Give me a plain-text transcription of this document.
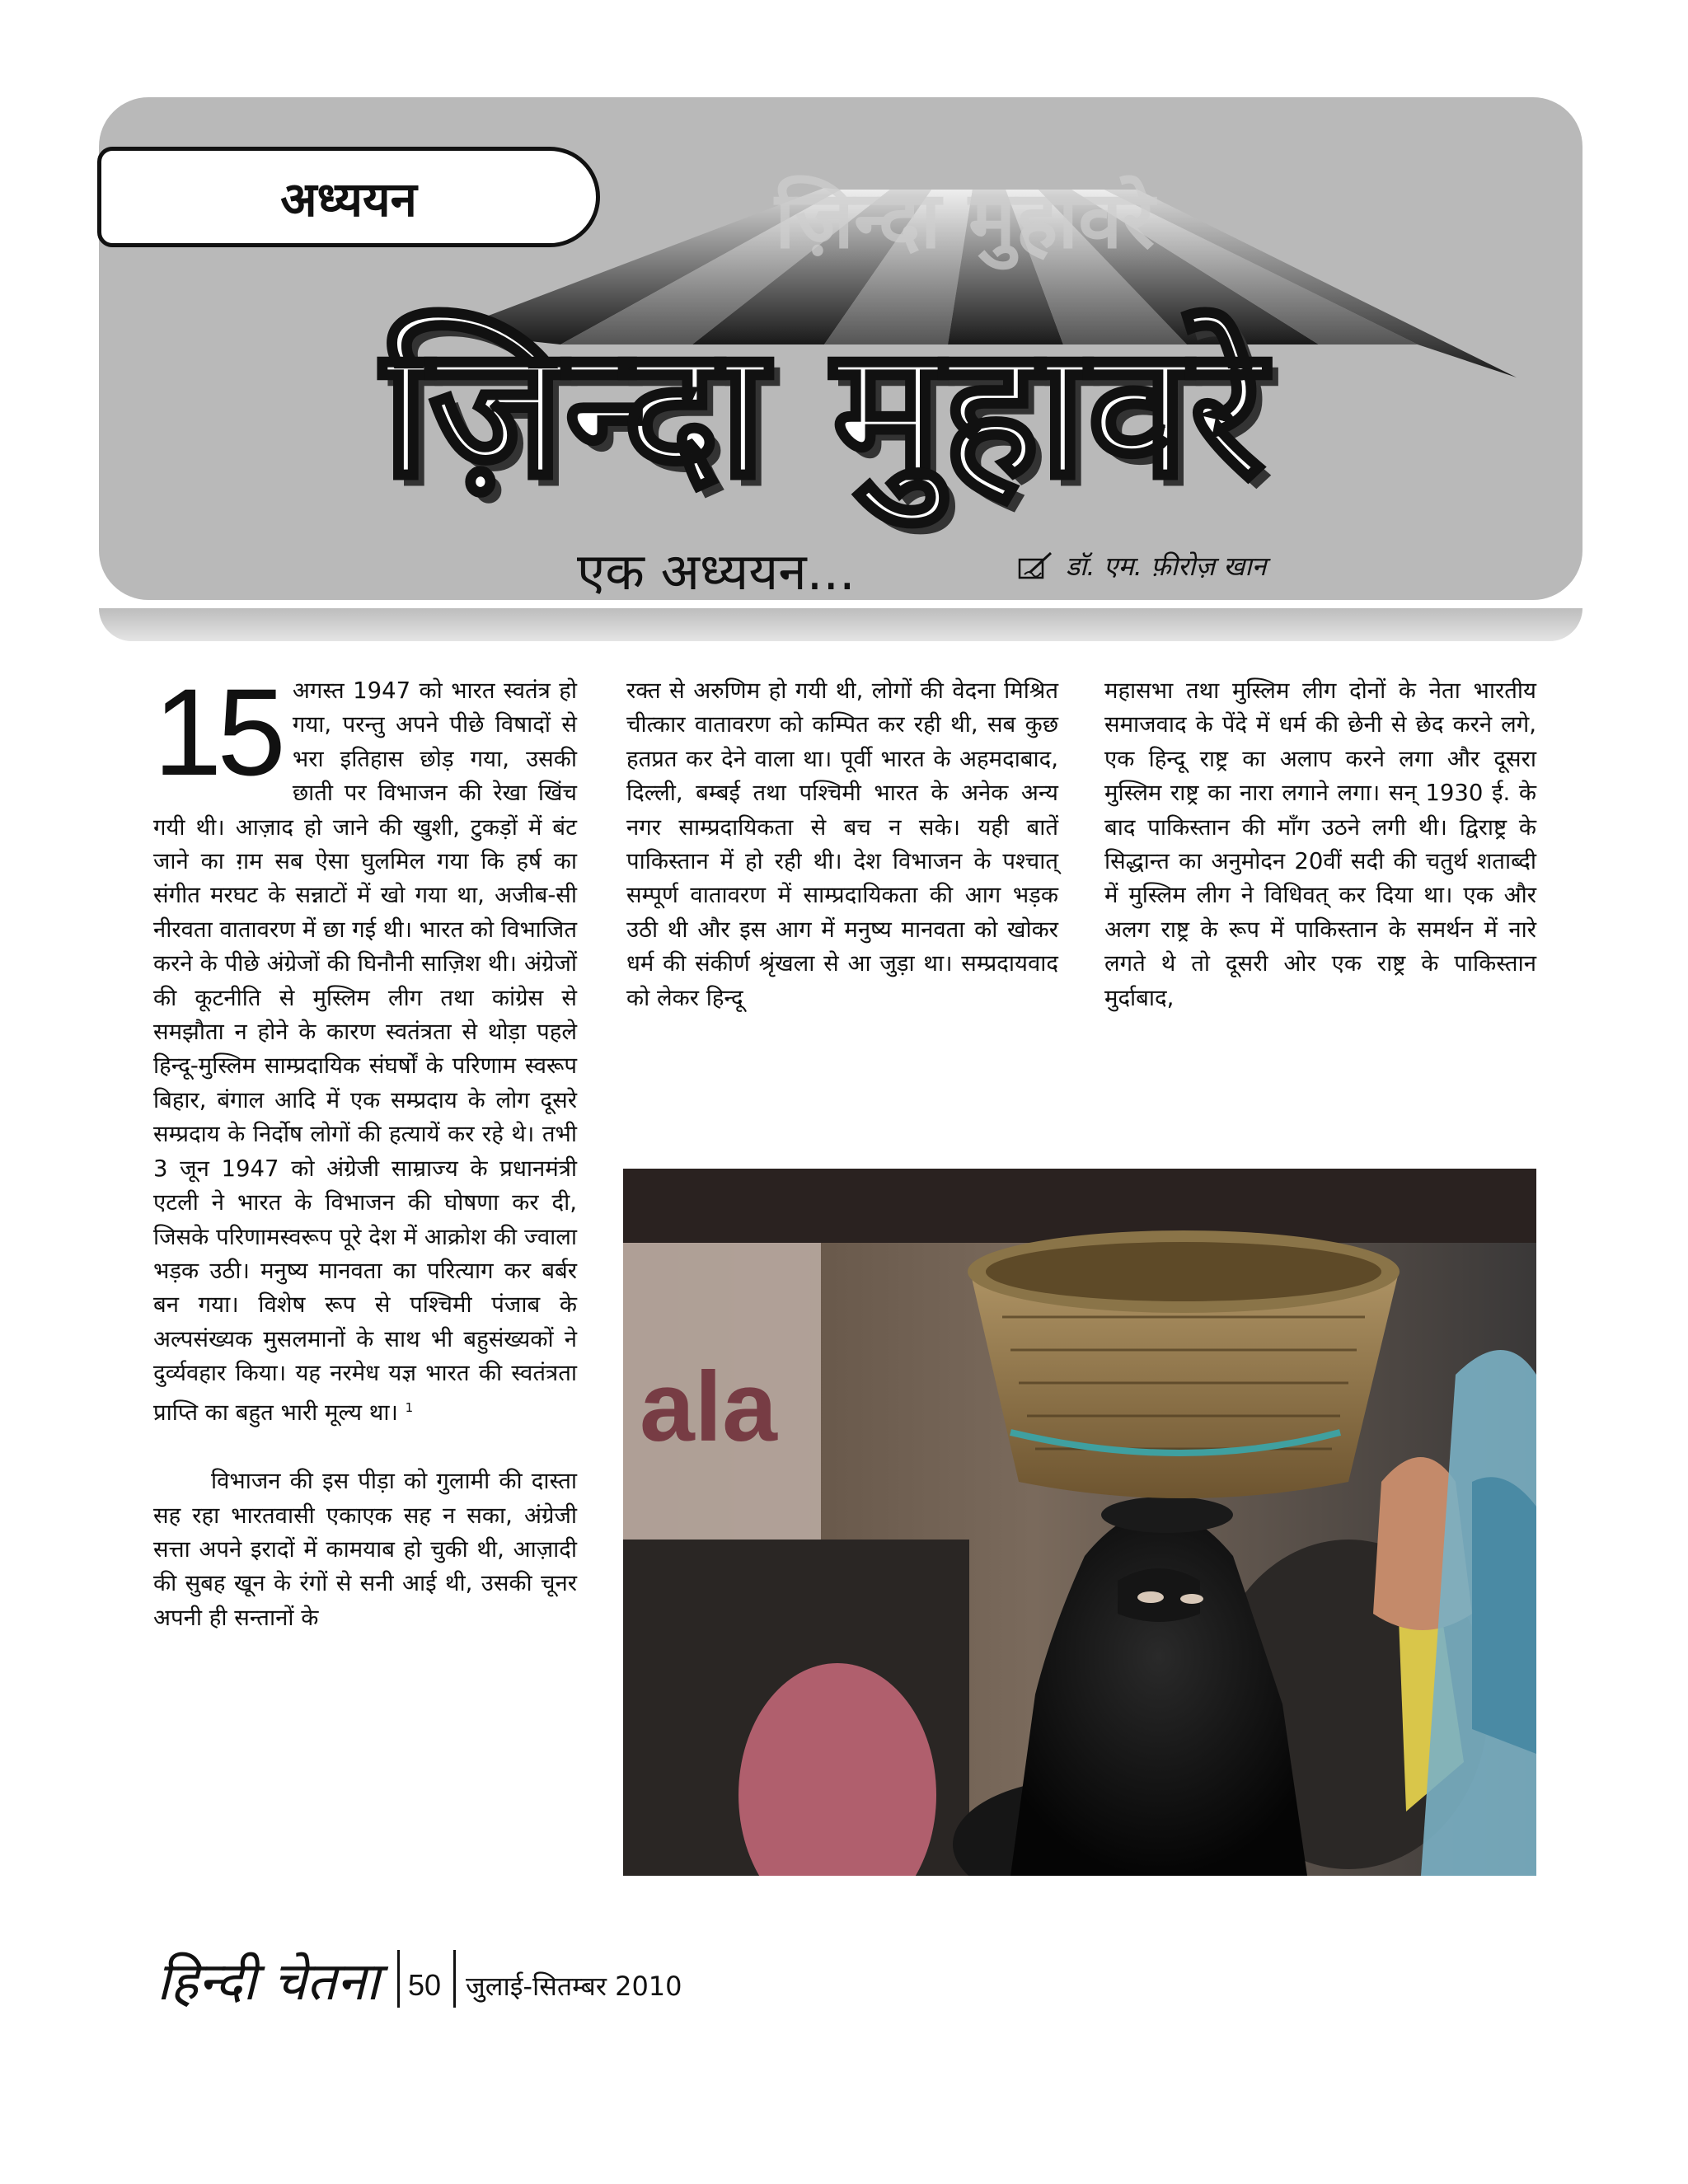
ज़िन्दा मुहावरे
अध्ययन
ज़िन्दा मुहावरे
एक अध्ययन...	डॉ. एम. फ़ीरोज़ खान

15 अगस्त 1947 को भारत स्वतंत्र हो गया, परन्तु अपने पीछे विषादों से भरा इतिहास छोड़ गया, उसकी छाती पर विभाजन की रेखा खिंच गयी थी। आज़ाद हो जाने की खुशी, टुकड़ों में बंट जाने का ग़म सब ऐसा घुलमिल गया कि हर्ष का संगीत मरघट के सन्नाटों में खो गया था, अजीब-सी नीरवता वातावरण में छा गई थी। भारत को विभाजित करने के पीछे अंग्रेजों की घिनौनी साज़िश थी। अंग्रेजों की कूटनीति से मुस्लिम लीग तथा कांग्रेस से समझौता न होने के कारण स्वतंत्रता से थोड़ा पहले हिन्दू-मुस्लिम साम्प्रदायिक संघर्षों के परिणाम स्वरूप बिहार, बंगाल आदि में एक सम्प्रदाय के लोग दूसरे सम्प्रदाय के निर्दोष लोगों की हत्यायें कर रहे थे। तभी 3 जून 1947 को अंग्रेजी साम्राज्य के प्रधानमंत्री एटली ने भारत के विभाजन की घोषणा कर दी, जिसके परिणामस्वरूप पूरे देश में आक्रोश की ज्वाला भड़क उठी। मनुष्य मानवता का परित्याग कर बर्बर बन गया। विशेष रूप से पश्चिमी पंजाब के अल्पसंख्यक मुसलमानों के साथ भी बहुसंख्यकों ने दुर्व्यवहार किया। यह नरमेध यज्ञ भारत की स्वतंत्रता प्राप्ति का बहुत भारी मूल्य था। $^1$

विभाजन की इस पीड़ा को गुलामी की दास्ता सह रहा भारतवासी एकाएक सह न सका, अंग्रेजी सत्ता अपने इरादों में कामयाब हो चुकी थी, आज़ादी की सुबह खून के रंगों से सनी आई थी, उसकी चूनर अपनी ही सन्तानों के

रक्त से अरुणिम हो गयी थी, लोगों की वेदना मिश्रित चीत्कार वातावरण को कम्पित कर रही थी, सब कुछ हतप्रत कर देने वाला था। पूर्वी भारत के अहमदाबाद, दिल्ली, बम्बई तथा पश्चिमी भारत के अनेक अन्य नगर साम्प्रदायिकता से बच न सके। यही बातें पाकिस्तान में हो रही थी। देश विभाजन के पश्चात् सम्पूर्ण वातावरण में साम्प्रदायिकता की आग भड़क उठी थी और इस आग में मनुष्य मानवता को खोकर धर्म की संकीर्ण श्रृंखला से आ जुड़ा था। सम्प्रदायवाद को लेकर हिन्दू

महासभा तथा मुस्लिम लीग दोनों के नेता भारतीय समाजवाद के पेंदे में धर्म की छेनी से छेद करने लगे, एक हिन्दू राष्ट्र का अलाप करने लगा और दूसरा मुस्लिम राष्ट्र का नारा लगाने लगा। सन् 1930 ई. के बाद पाकिस्तान की माँग उठने लगी थी। द्विराष्ट्र के सिद्धान्त का अनुमोदन 20वीं सदी की चतुर्थ शताब्दी में मुस्लिम लीग ने विधिवत् कर दिया था। एक और अलग राष्ट्र के रूप में पाकिस्तान के समर्थन में नारे लगते थे तो दूसरी ओर एक राष्ट्र के पाकिस्तान मुर्दाबाद,

ala
हिन्दी चेतना 50 जुलाई-सितम्बर 2010
